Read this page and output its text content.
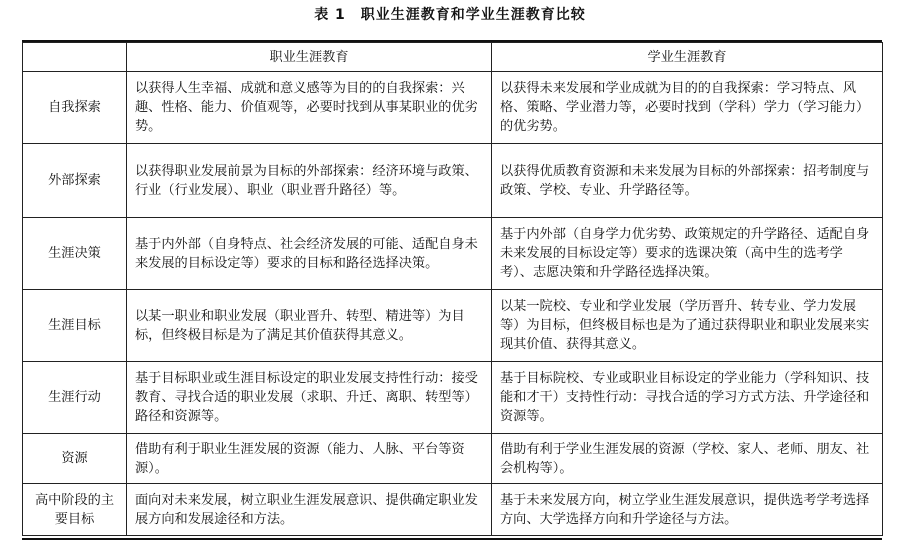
表 1　职业生涯教育和学业生涯教育比较
	职业生涯教育	学业生涯教育
自我探索	以获得人生幸福、成就和意义感等为目的的自我探索：兴趣、性格、能力、价值观等，必要时找到从事某职业的优劣势。	以获得未来发展和学业成就为目的的自我探索：学习特点、风格、策略、学业潜力等，必要时找到（学科）学力（学习能力）的优劣势。
外部探索	以获得职业发展前景为目标的外部探索：经济环境与政策、行业（行业发展）、职业（职业晋升路径）等。	以获得优质教育资源和未来发展为目标的外部探索：招考制度与政策、学校、专业、升学路径等。
生涯决策	基于内外部（自身特点、社会经济发展的可能、适配自身未来发展的目标设定等）要求的目标和路径选择决策。	基于内外部（自身学力优劣势、政策规定的升学路径、适配自身未来发展的目标设定等）要求的选课决策（高中生的选考学考）、志愿决策和升学路径选择决策。
生涯目标	以某一职业和职业发展（职业晋升、转型、精进等）为目标，但终极目标是为了满足其价值获得其意义。	以某一院校、专业和学业发展（学历晋升、转专业、学力发展等）为目标，但终极目标也是为了通过获得职业和职业发展来实现其价值、获得其意义。
生涯行动	基于目标职业或生涯目标设定的职业发展支持性行动：接受教育、寻找合适的职业发展（求职、升迁、离职、转型等）路径和资源等。	基于目标院校、专业或职业目标设定的学业能力（学科知识、技能和才干）支持性行动：寻找合适的学习方式方法、升学途径和资源等。
资源	借助有利于职业生涯发展的资源（能力、人脉、平台等资源）。	借助有利于学业生涯发展的资源（学校、家人、老师、朋友、社会机构等）。
高中阶段的主要目标	面向对未来发展，树立职业生涯发展意识、提供确定职业发展方向和发展途径和方法。	基于未来发展方向，树立学业生涯发展意识，提供选考学考选择方向、大学选择方向和升学途径与方法。
